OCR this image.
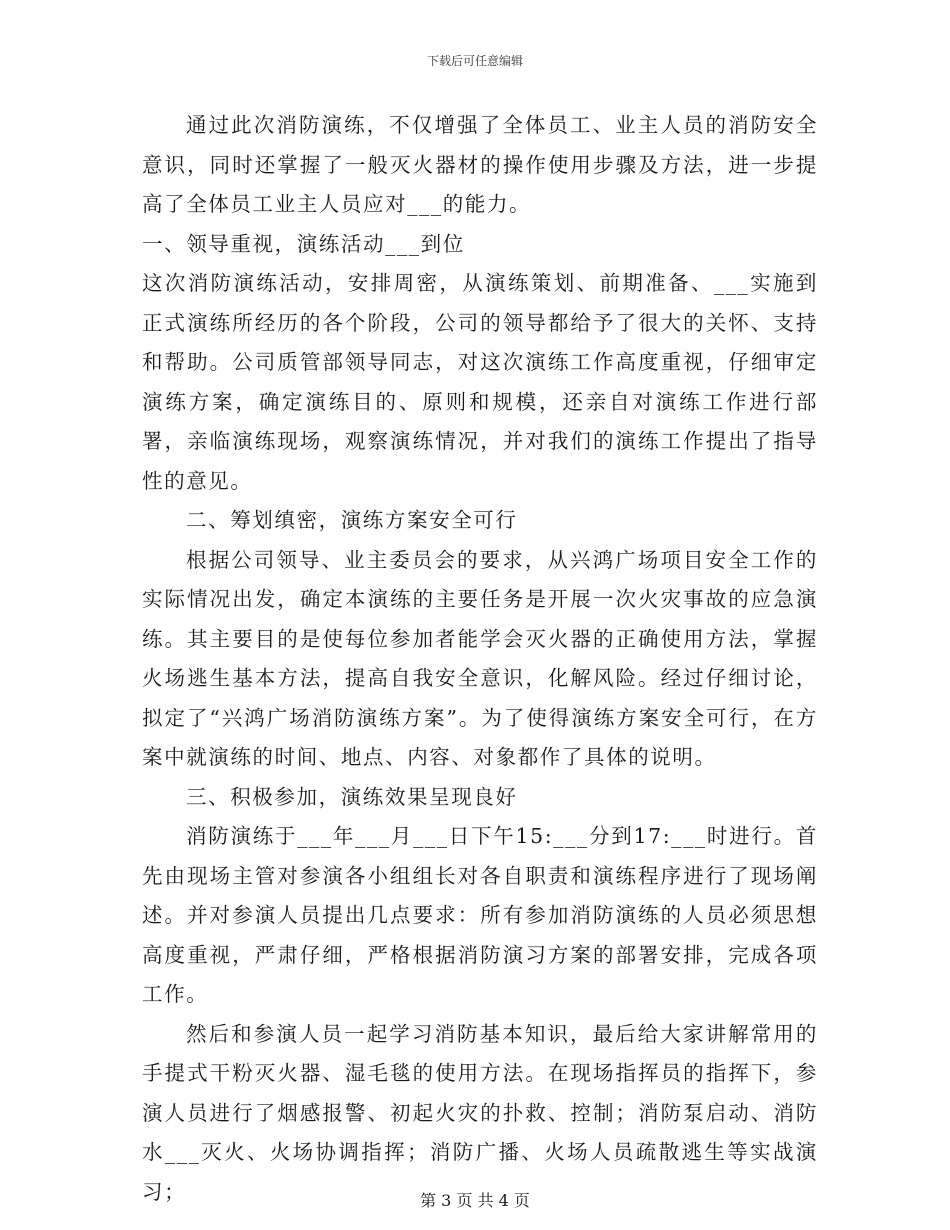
下载后可任意编辑

通过此次消防演练，不仅增强了全体员工、业主人员的消防安全意识，同时还掌握了一般灭火器材的操作使用步骤及方法，进一步提高了全体员工业主人员应对___的能力。

一、领导重视，演练活动___到位

这次消防演练活动，安排周密，从演练策划、前期准备、___实施到正式演练所经历的各个阶段，公司的领导都给予了很大的关怀、支持和帮助。公司质管部领导同志，对这次演练工作高度重视，仔细审定演练方案，确定演练目的、原则和规模，还亲自对演练工作进行部署，亲临演练现场，观察演练情况，并对我们的演练工作提出了指导性的意见。

二、筹划缜密，演练方案安全可行

根据公司领导、业主委员会的要求，从兴鸿广场项目安全工作的实际情况出发，确定本演练的主要任务是开展一次火灾事故的应急演练。其主要目的是使每位参加者能学会灭火器的正确使用方法，掌握火场逃生基本方法，提高自我安全意识，化解风险。经过仔细讨论，拟定了“兴鸿广场消防演练方案”。为了使得演练方案安全可行，在方案中就演练的时间、地点、内容、对象都作了具体的说明。

三、积极参加，演练效果呈现良好

消防演练于___年___月___日下午15:___分到17:___时进行。首先由现场主管对参演各小组组长对各自职责和演练程序进行了现场阐述。并对参演人员提出几点要求：所有参加消防演练的人员必须思想高度重视，严肃仔细，严格根据消防演习方案的部署安排，完成各项工作。

然后和参演人员一起学习消防基本知识，最后给大家讲解常用的手提式干粉灭火器、湿毛毯的使用方法。在现场指挥员的指挥下，参演人员进行了烟感报警、初起火灾的扑救、控制；消防泵启动、消防水___灭火、火场协调指挥；消防广播、火场人员疏散逃生等实战演习；	第 3 页 共 4 页
